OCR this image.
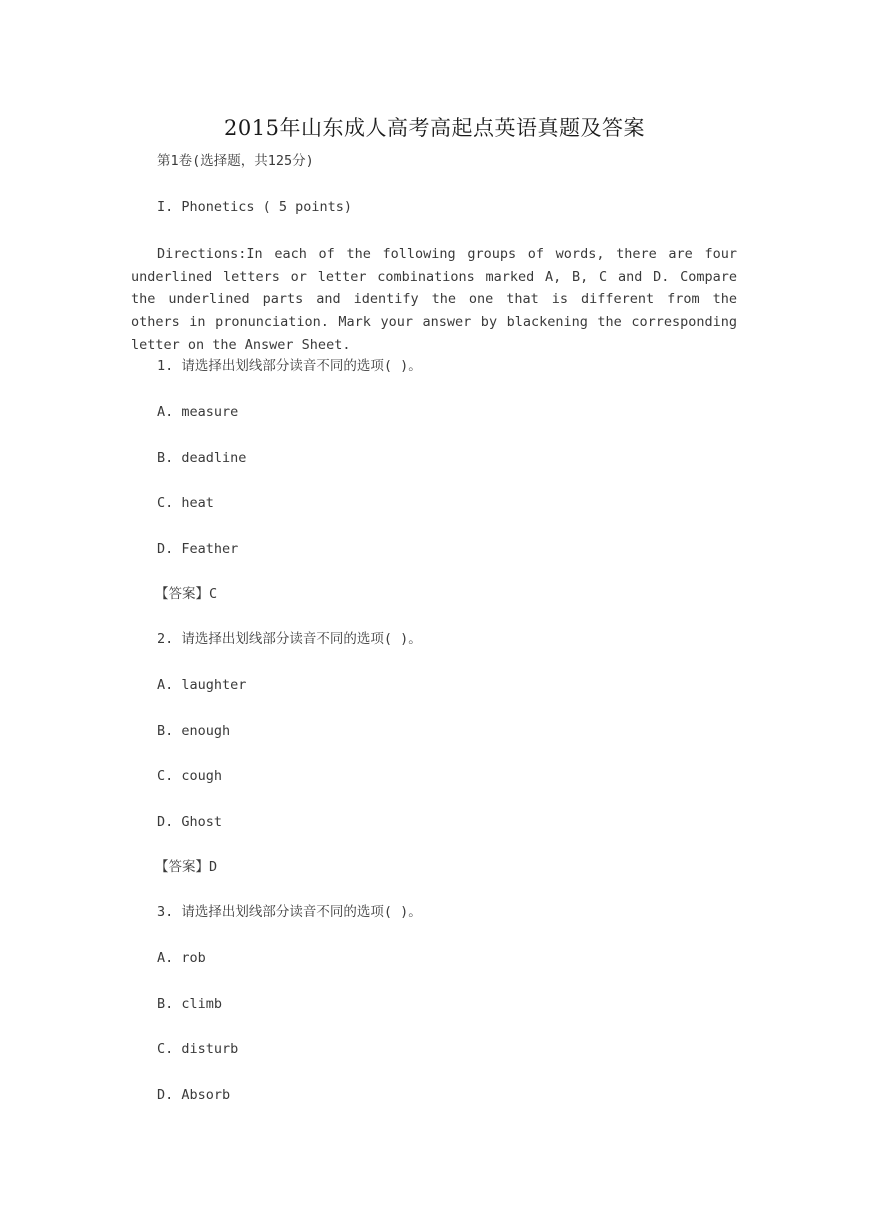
2015年山东成人高考高起点英语真题及答案
第1卷(选择题，共125分)
I. Phonetics ( 5 points)
Directions:In each of the following groups of words, there are four underlined letters or letter combinations marked A, B, C and D. Compare the underlined parts and identify the one that is different from the others in pronunciation. Mark your answer by blackening the corresponding letter on the Answer Sheet.
1. 请选择出划线部分读音不同的选项( )。
A. measure
B. deadline
C. heat
D. Feather
【答案】C
2. 请选择出划线部分读音不同的选项( )。
A. laughter
B. enough
C. cough
D. Ghost
【答案】D
3. 请选择出划线部分读音不同的选项( )。
A. rob
B. climb
C. disturb
D. Absorb
